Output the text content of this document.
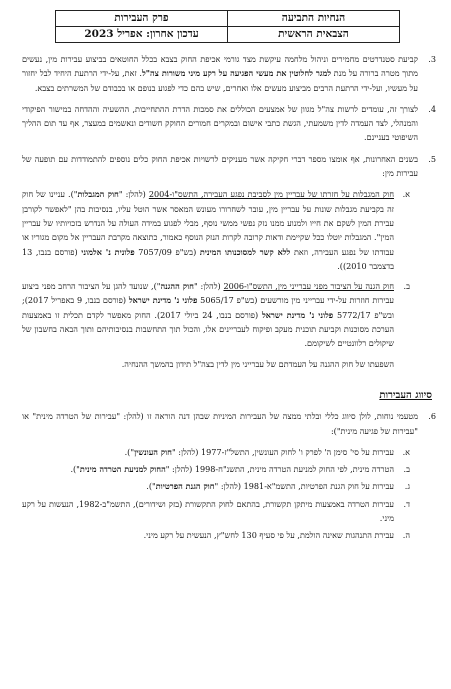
הנחיות התביעה	פרק העבירות
הצבאית הראשית	עדכון אחרון: אפריל 2023
3.
קביעת סטנדרטים מחמירים וניהול מלחמה עיקשת מצד גורמי אכיפת החוק בצבא בכלל החוטאים בביצוע עבירות מין, נעשים מתוך מטרה ברורה על מנת למגר לחלוטין את מעשי הפגיעה על רקע מיני משורות צה"ל. זאת, על-ידי הרתעת היחיד לבל יחזור על מעשיו, ועל-ידי הרתעת הרבים מביצוע מעשים אלו ואחרים, שיש בהם כדי לפגוע בנופם או בכבודם של המשרתים בצבא.
4.
לצורך זה, עומדים לרשות צה"ל מגוון של אמצעים הכוללים את סמכות הדרת ההתחייבות, ההשעיה וההדחה במישור הפיקודי והמנהלי, לצד העמדה לדין משמעתי, הגשת כתבי אישום ובמקרים חמורים החוקק חשודים ונאשמים במעצר, אף עד תום ההליך השיפוטי בעניינם.
5.
בשנים האחרונות, אף אומצו מספר דברי חקיקה אשר מעניקים לרשויות אכיפת החוק כלים נוספים להתמודדות עם תופעה של עבירות מין:
א.
חוק המגבלות על חזרתו של עבריין מין לסביבת נפגע העבירה, התשס"ו-2004 (להלן: "חוק המגבלות"). עניינו של חוק זה בקביעת מגבלות שונות על עבריין מין, עובר לשחרורו מעונש המאסר אשר הוטל עליו, בנסיבות בהן "לאפשר לקורבן עבירת המין לשקם את חייו ולמנוע ממנו נזק נפשי ממשי נוסף, מבלי לפגוע במידה העולה על הנדרש בזכויותיו של עבריין המין". המגבלות יוטלו ככל שקיימת ודאות קרובה לקרות הנזק הנוסף כאמור, כתוצאה מקרבת העבריין אל מקום מגוריו או עבודתו של נפגע העבירה, וזאת ללא קשר למסוכנותו המינית (בש"פ 7057/09 פלונית נ' אלמוני (פורסם בנבו, 13 בדצמבר 2010)).
ב.
חוק הגנה על הציבור מפני עברייני מין, התשס"ו-2006 (להלן: "חוק ההגנה"), שנועד להגן על הציבור הרחב מפני ביצוע עבירות חוזרות על-ידי עברייני מין מורשעים (בש"פ 5065/17 פלוני נ' מדינת ישראל (פורסם בנבו, 9 באפריל 2017); ובש"פ 5772/17 פלוני נ' מדינת ישראל (פורסם בנבו, 24 ביולי 2017). החוק מאפשר לקדם תכלית זו באמצעות הערכת מסוכנות וקביעת תוכנית מעקב ופיקוח לעבריינים אלו, והכול תוך התחשבות בנסיבותיהם ותוך הבאה בחשבון של שיקולים רלוונטיים לשיקומם.
השפעתו של חוק ההגנה על העמדתם של עברייני מין לדין בצה"ל תידון בהמשך ההנחיה.
סיווג העבירות
6.
מטעמי נוחות, לולן סיווג כללי ובלתי ממצה של העבירות המיניות שבהן דנה הוראה זו (להלן: "עבירות של הטרדה מינית" או "עבירות של פגיעה מינית"):
א.
עבירות על סי' סימן ה' לפרק ו' לחוק העונשין, התשל"ז-1977 (להלן: "חוק העונשין").
ב.
הטרדה מינית, לפי החוק למניעת הטרדה מינית, התשנ"ח-1998 (להלן: "החוק למניעת הטרדה מינית").
ג.
עבירות על חוק הגנת הפרטיות, התשמ"א-1981 (להלן: "חוק הגנת הפרטיות").
ד.
עבירות הטרדה באמצעות מיתקן תקשורת, בהתאם לחוק התקשורת (בזק ושידורים), התשמ"ב-1982, הנעשות על רקע מיני.
ה.
עבירת התנהגות שאינה הולמת, על פי סעיף 130 לחש"ץ, הנעשית על רקע מיני.
